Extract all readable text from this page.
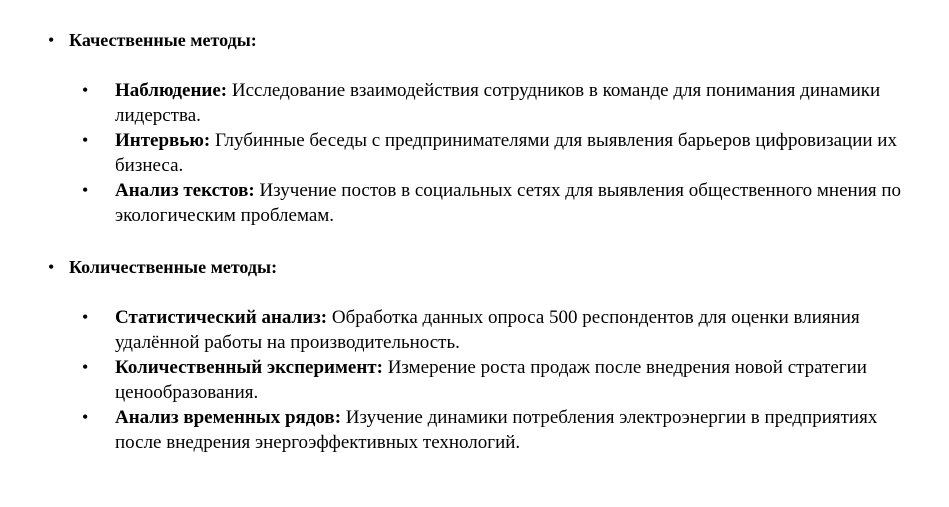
• Качественные методы:
• Наблюдение: Исследование взаимодействия сотрудников в команде для понимания динамики лидерства.
• Интервью: Глубинные беседы с предпринимателями для выявления барьеров цифровизации их бизнеса.
• Анализ текстов: Изучение постов в социальных сетях для выявления общественного мнения по экологическим проблемам.
• Количественные методы:
• Статистический анализ: Обработка данных опроса 500 респондентов для оценки влияния удалённой работы на производительность.
• Количественный эксперимент: Измерение роста продаж после внедрения новой стратегии ценообразования.
• Анализ временных рядов: Изучение динамики потребления электроэнергии в предприятиях после внедрения энергоэффективных технологий.
